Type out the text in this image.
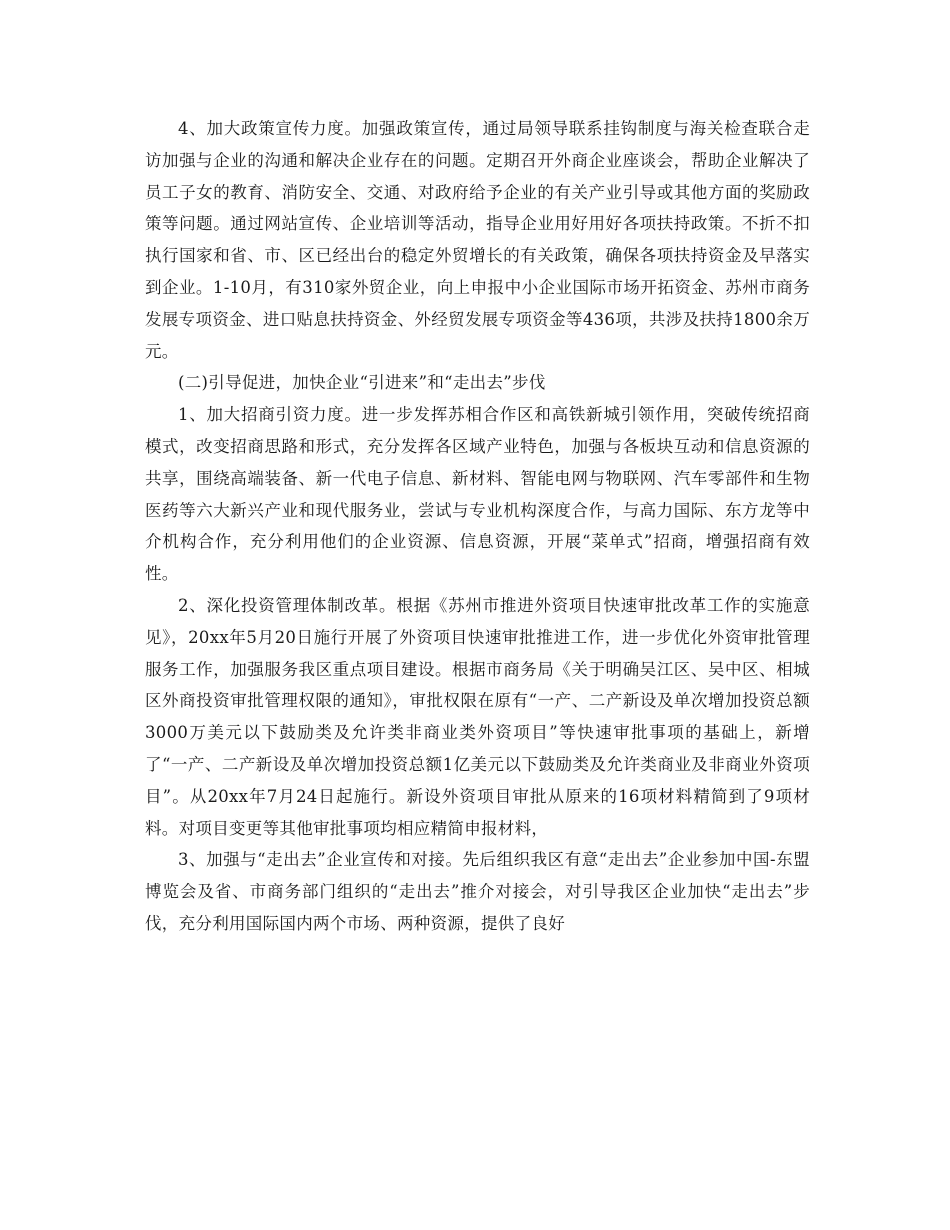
4、加大政策宣传力度。加强政策宣传，通过局领导联系挂钩制度与海关检查联合走访加强与企业的沟通和解决企业存在的问题。定期召开外商企业座谈会，帮助企业解决了员工子女的教育、消防安全、交通、对政府给予企业的有关产业引导或其他方面的奖励政策等问题。通过网站宣传、企业培训等活动，指导企业用好用好各项扶持政策。不折不扣执行国家和省、市、区已经出台的稳定外贸增长的有关政策，确保各项扶持资金及早落实到企业。1-10月，有310家外贸企业，向上申报中小企业国际市场开拓资金、苏州市商务发展专项资金、进口贴息扶持资金、外经贸发展专项资金等436项，共涉及扶持1800余万元。

(二)引导促进，加快企业“引进来”和“走出去”步伐

1、加大招商引资力度。进一步发挥苏相合作区和高铁新城引领作用，突破传统招商模式，改变招商思路和形式，充分发挥各区域产业特色，加强与各板块互动和信息资源的共享，围绕高端装备、新一代电子信息、新材料、智能电网与物联网、汽车零部件和生物医药等六大新兴产业和现代服务业，尝试与专业机构深度合作，与高力国际、东方龙等中介机构合作，充分利用他们的企业资源、信息资源，开展“菜单式”招商，增强招商有效性。

2、深化投资管理体制改革。根据《苏州市推进外资项目快速审批改革工作的实施意见》，20xx年5月20日施行开展了外资项目快速审批推进工作，进一步优化外资审批管理服务工作，加强服务我区重点项目建设。根据市商务局《关于明确吴江区、吴中区、相城区外商投资审批管理权限的通知》，审批权限在原有“一产、二产新设及单次增加投资总额3000万美元以下鼓励类及允许类非商业类外资项目”等快速审批事项的基础上，新增了“一产、二产新设及单次增加投资总额1亿美元以下鼓励类及允许类商业及非商业外资项目”。从20xx年7月24日起施行。新设外资项目审批从原来的16项材料精简到了9项材料。对项目变更等其他审批事项均相应精简申报材料，

3、加强与“走出去”企业宣传和对接。先后组织我区有意“走出去”企业参加中国-东盟博览会及省、市商务部门组织的“走出去”推介对接会，对引导我区企业加快“走出去”步伐，充分利用国际国内两个市场、两种资源，提供了良好
